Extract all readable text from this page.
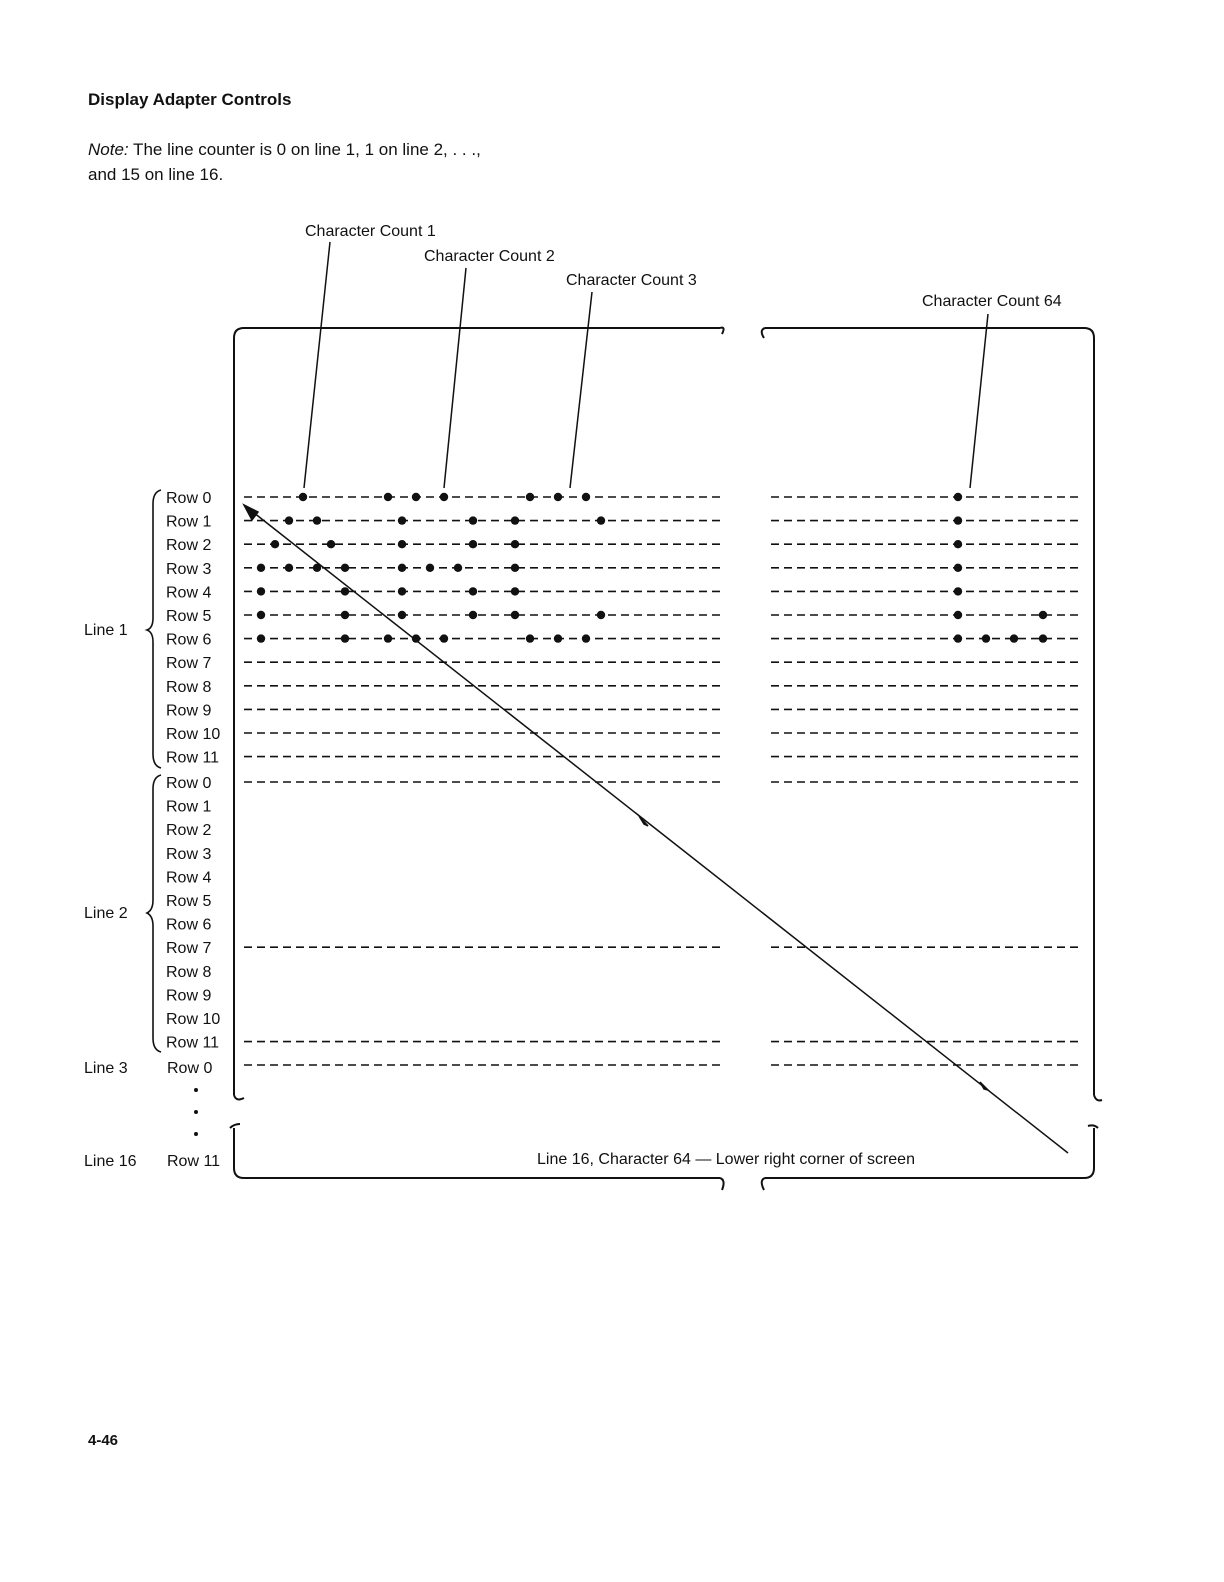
Display Adapter Controls

Note: The line counter is 0 on line 1, 1 on line 2, . . .,
and 15 on line 16.

Character Count 1
Character Count 2
Character Count 3
Character Count 64
Line 1
Line 2
Line 3
Line 16
Row 0
Row 1
Row 2
Row 3
Row 4
Row 5
Row 6
Row 7
Row 8
Row 9
Row 10
Row 11
Row 0
Row 1
Row 2
Row 3
Row 4
Row 5
Row 6
Row 7
Row 8
Row 9
Row 10
Row 11
Row 0
Row 11	Line 16, Character 64 — Lower right corner of screen
4-46
